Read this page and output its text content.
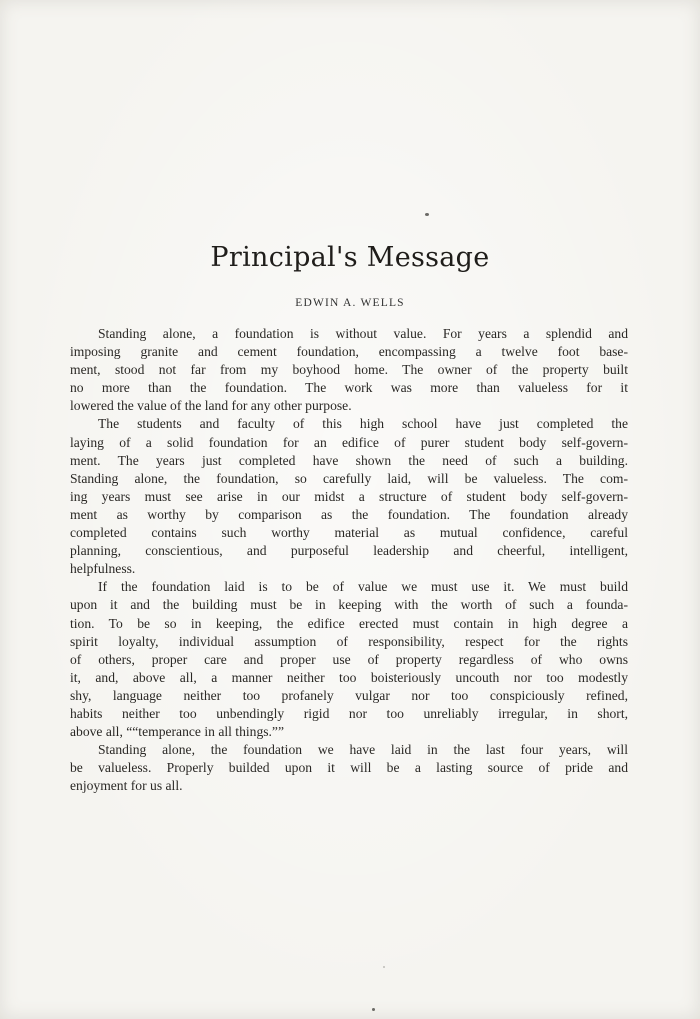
Principal's Message

EDWIN A. WELLS

Standing alone, a foundation is without value. For years a splendid and
imposing granite and cement foundation, encompassing a twelve foot base-
ment, stood not far from my boyhood home. The owner of the property built
no more than the foundation. The work was more than valueless for it
lowered the value of the land for any other purpose.

The students and faculty of this high school have just completed the
laying of a solid foundation for an edifice of purer student body self-govern-
ment. The years just completed have shown the need of such a building.
Standing alone, the foundation, so carefully laid, will be valueless. The com-
ing years must see arise in our midst a structure of student body self-govern-
ment as worthy by comparison as the foundation. The foundation already
completed contains such worthy material as mutual confidence, careful
planning, conscientious, and purposeful leadership and cheerful, intelligent,
helpfulness.

If the foundation laid is to be of value we must use it. We must build
upon it and the building must be in keeping with the worth of such a founda-
tion. To be so in keeping, the edifice erected must contain in high degree a
spirit loyalty, individual assumption of responsibility, respect for the rights
of others, proper care and proper use of property regardless of who owns
it, and, above all, a manner neither too boisteriously uncouth nor too modestly
shy, language neither too profanely vulgar nor too conspiciously refined,
habits neither too unbendingly rigid nor too unreliably irregular, in short,
above all, ““temperance in all things.””

Standing alone, the foundation we have laid in the last four years, will
be valueless. Properly builded upon it will be a lasting source of pride and
enjoyment for us all.
